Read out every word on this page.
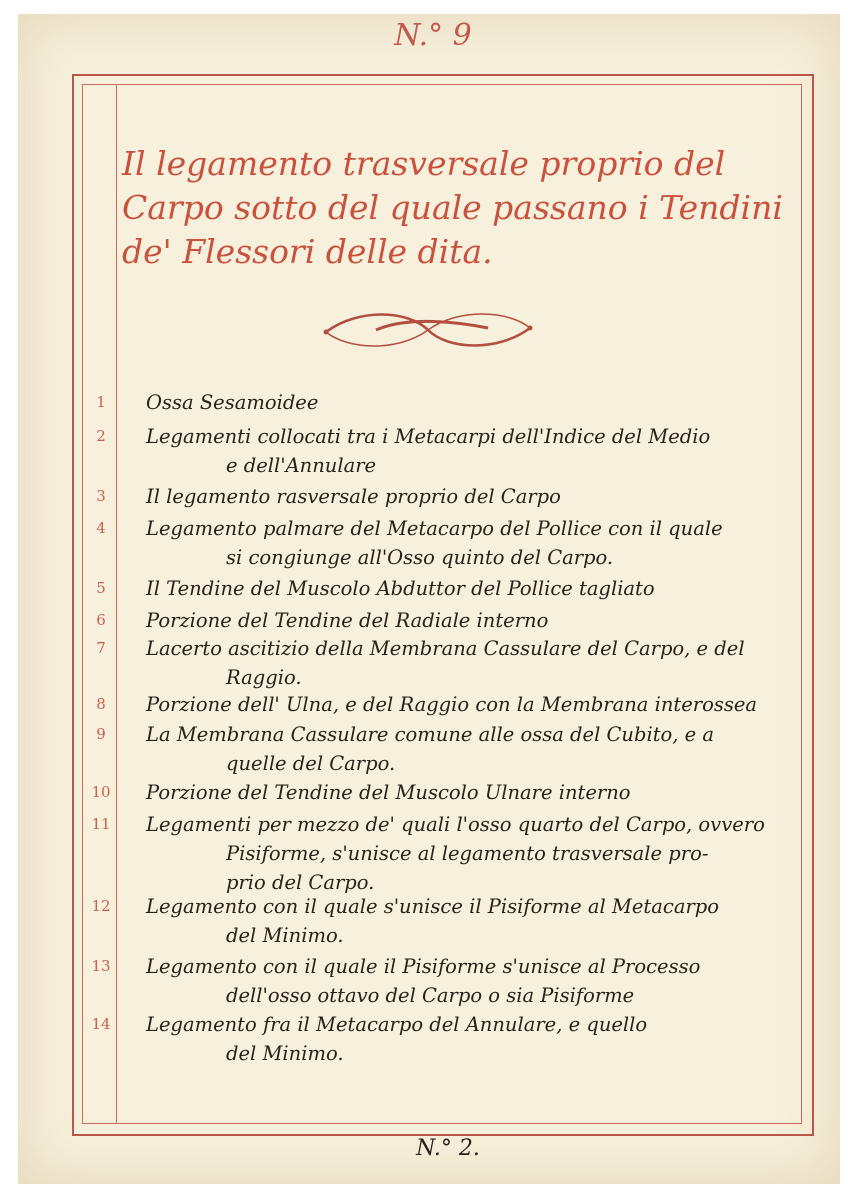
N.° 9
Il legamento trasversale proprio del Carpo sotto del quale passano i Tendini de' Flessori delle dita.
1	Ossa Sesamoidee
2	Legamenti collocati tra i Metacarpi dell'Indice del Medio
e dell'Annulare
3	Il legamento rasversale proprio del Carpo
4	Legamento palmare del Metacarpo del Pollice con il quale
si congiunge all'Osso quinto del Carpo.
5	Il Tendine del Muscolo Abduttor del Pollice tagliato
6	Porzione del Tendine del Radiale interno
7	Lacerto ascitizio della Membrana Cassulare del Carpo, e del
Raggio.
8	Porzione dell' Ulna, e del Raggio con la Membrana interossea
9	La Membrana Cassulare comune alle ossa del Cubito, e a
quelle del Carpo.
10 Porzione del Tendine del Muscolo Ulnare interno
11 Legamenti per mezzo de' quali l'osso quarto del Carpo, ovvero
Pisiforme, s'unisce al legamento trasversale pro-
prio del Carpo.
12 Legamento con il quale s'unisce il Pisiforme al Metacarpo
del Minimo.
13 Legamento con il quale il Pisiforme s'unisce al Processo
dell'osso ottavo del Carpo o sia Pisiforme
14 Legamento fra il Metacarpo del Annulare, e quello
del Minimo.
N.° 2.
